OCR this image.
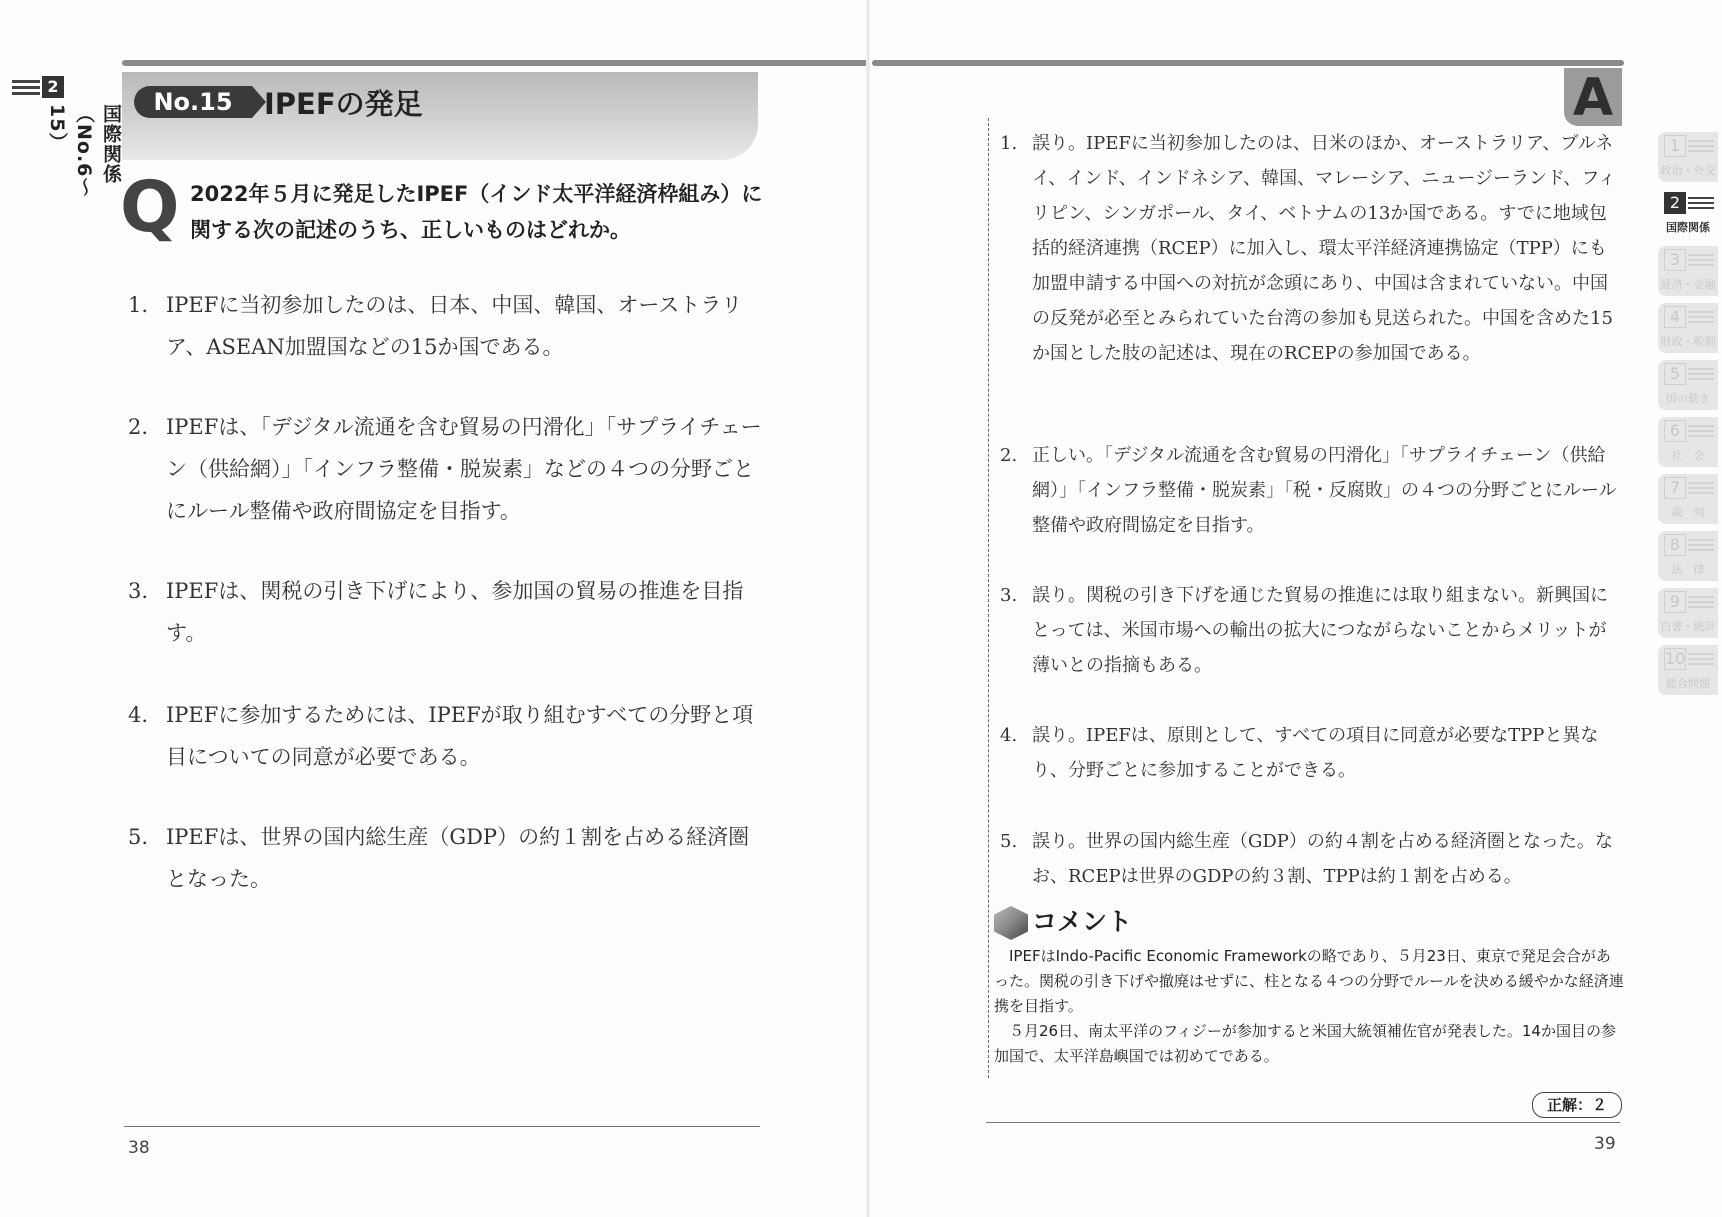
2
国際関係（No.6〜15）
No.15	IPEFの発足
Q 2022年５月に発足したIPEF（インド太平洋経済枠組み）に関する次の記述のうち、正しいものはどれか。
1. IPEFに当初参加したのは、日本、中国、韓国、オーストラリア、ASEAN加盟国などの15か国である。
2. IPEFは、「デジタル流通を含む貿易の円滑化」「サプライチェーン（供給網）」「インフラ整備・脱炭素」などの４つの分野ごとにルール整備や政府間協定を目指す。
3. IPEFは、関税の引き下げにより、参加国の貿易の推進を目指す。
4. IPEFに参加するためには、IPEFが取り組むすべての分野と項目についての同意が必要である。
5. IPEFは、世界の国内総生産（GDP）の約１割を占める経済圏となった。
38
A
1. 誤り。IPEFに当初参加したのは、日米のほか、オーストラリア、ブルネイ、インド、インドネシア、韓国、マレーシア、ニュージーランド、フィリピン、シンガポール、タイ、ベトナムの13か国である。すでに地域包括的経済連携（RCEP）に加入し、環太平洋経済連携協定（TPP）にも加盟申請する中国への対抗が念頭にあり、中国は含まれていない。中国の反発が必至とみられていた台湾の参加も見送られた。中国を含めた15か国とした肢の記述は、現在のRCEPの参加国である。
2. 正しい。「デジタル流通を含む貿易の円滑化」「サプライチェーン（供給網）」「インフラ整備・脱炭素」「税・反腐敗」の４つの分野ごとにルール整備や政府間協定を目指す。
3. 誤り。関税の引き下げを通じた貿易の推進には取り組まない。新興国にとっては、米国市場への輸出の拡大につながらないことからメリットが薄いとの指摘もある。
4. 誤り。IPEFは、原則として、すべての項目に同意が必要なTPPと異なり、分野ごとに参加することができる。
5. 誤り。世界の国内総生産（GDP）の約４割を占める経済圏となった。なお、RCEPは世界のGDPの約３割、TPPは約１割を占める。
コメント

IPEFはIndo-Pacific Economic Frameworkの略であり、５月23日、東京で発足会合があった。関税の引き下げや撤廃はせずに、柱となる４つの分野でルールを決める緩やかな経済連携を目指す。

５月26日、南太平洋のフィジーが参加すると米国大統領補佐官が発表した。14か国目の参加国で、太平洋島嶼国では初めてである。

正解：２
39
1
政治・外交
2
国際関係
3
経済・金融
4
財政・税制
5
国の動き
6
社　会
7
裁　判
8
法　律
9
白書・統計
10
総合問題
